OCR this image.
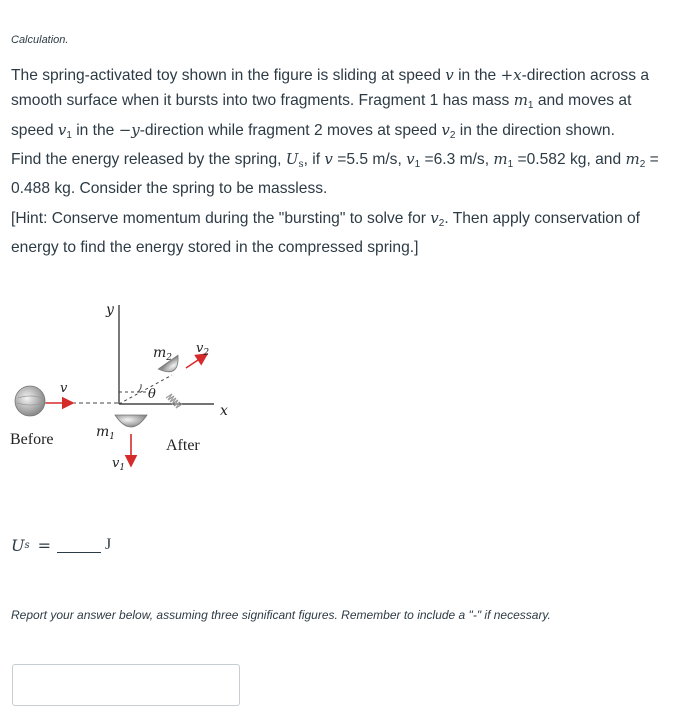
Calculation.
The spring-activated toy shown in the figure is sliding at speed v in the +x-direction across a smooth surface when it bursts into two fragments. Fragment 1 has mass $m_1$ and moves at speed $v_1$ in the −y-direction while fragment 2 moves at speed $v_2$ in the direction shown.
Find the energy released by the spring, $U_s$, if v =5.5 m/s, $v_1 =6.3$ m/s, $m_1 =0.582$ kg, and $m_2 = 0.488$ kg. Consider the spring to be massless.
[Hint: Conserve momentum during the "bursting" to solve for $v_2$. Then apply conservation of energy to find the energy stored in the compressed spring.]
y
x
v
Before	$m_1$
$v_1$
θ
$m_2$
$v_2$
After
U s =	J
Report your answer below, assuming three significant figures. Remember to include a "-" if necessary.
